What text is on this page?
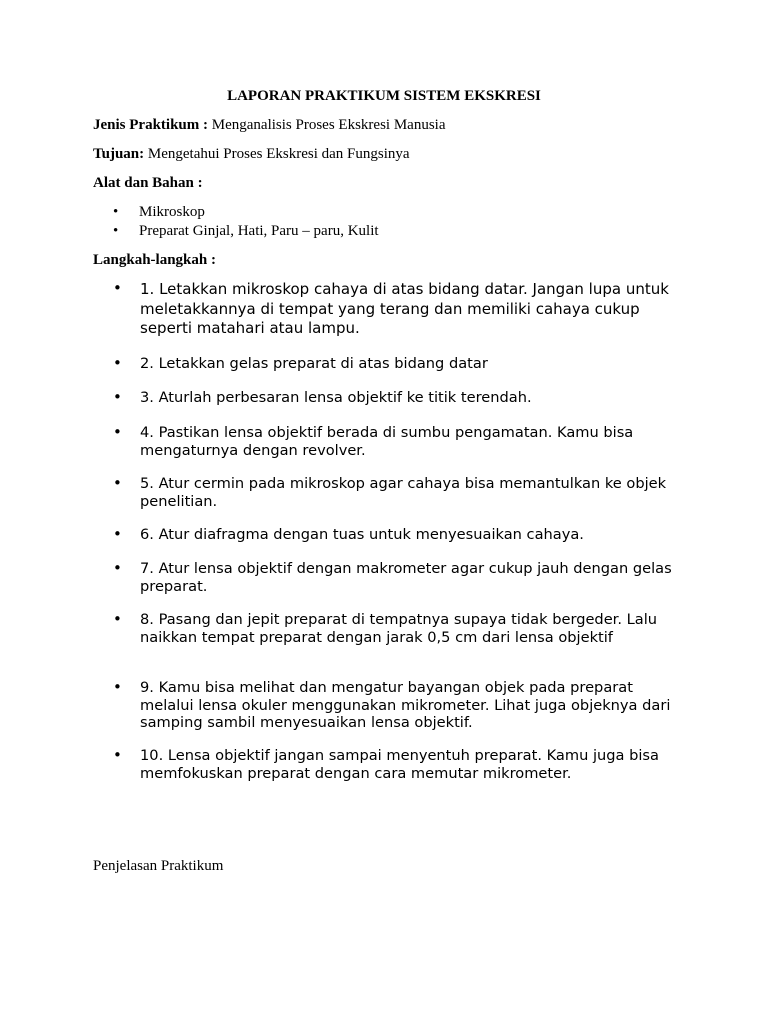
LAPORAN PRAKTIKUM SISTEM EKSKRESI
Jenis Praktikum : Menganalisis Proses Ekskresi Manusia
Tujuan: Mengetahui Proses Ekskresi dan Fungsinya
Alat dan Bahan :
• Mikroskop
• Preparat Ginjal, Hati, Paru – paru, Kulit
Langkah-langkah :
• 1. Letakkan mikroskop cahaya di atas bidang datar. Jangan lupa untuk meletakkannya di tempat yang terang dan memiliki cahaya cukup seperti matahari atau lampu.
• 2. Letakkan gelas preparat di atas bidang datar
• 3. Aturlah perbesaran lensa objektif ke titik terendah.
• 4. Pastikan lensa objektif berada di sumbu pengamatan. Kamu bisa mengaturnya dengan revolver.
• 5. Atur cermin pada mikroskop agar cahaya bisa memantulkan ke objek penelitian.
• 6. Atur diafragma dengan tuas untuk menyesuaikan cahaya.
• 7. Atur lensa objektif dengan makrometer agar cukup jauh dengan gelas preparat.
• 8. Pasang dan jepit preparat di tempatnya supaya tidak bergeder. Lalu naikkan tempat preparat dengan jarak 0,5 cm dari lensa objektif
• 9. Kamu bisa melihat dan mengatur bayangan objek pada preparat melalui lensa okuler menggunakan mikrometer. Lihat juga objeknya dari samping sambil menyesuaikan lensa objektif.
• 10. Lensa objektif jangan sampai menyentuh preparat. Kamu juga bisa memfokuskan preparat dengan cara memutar mikrometer.
Penjelasan Praktikum
